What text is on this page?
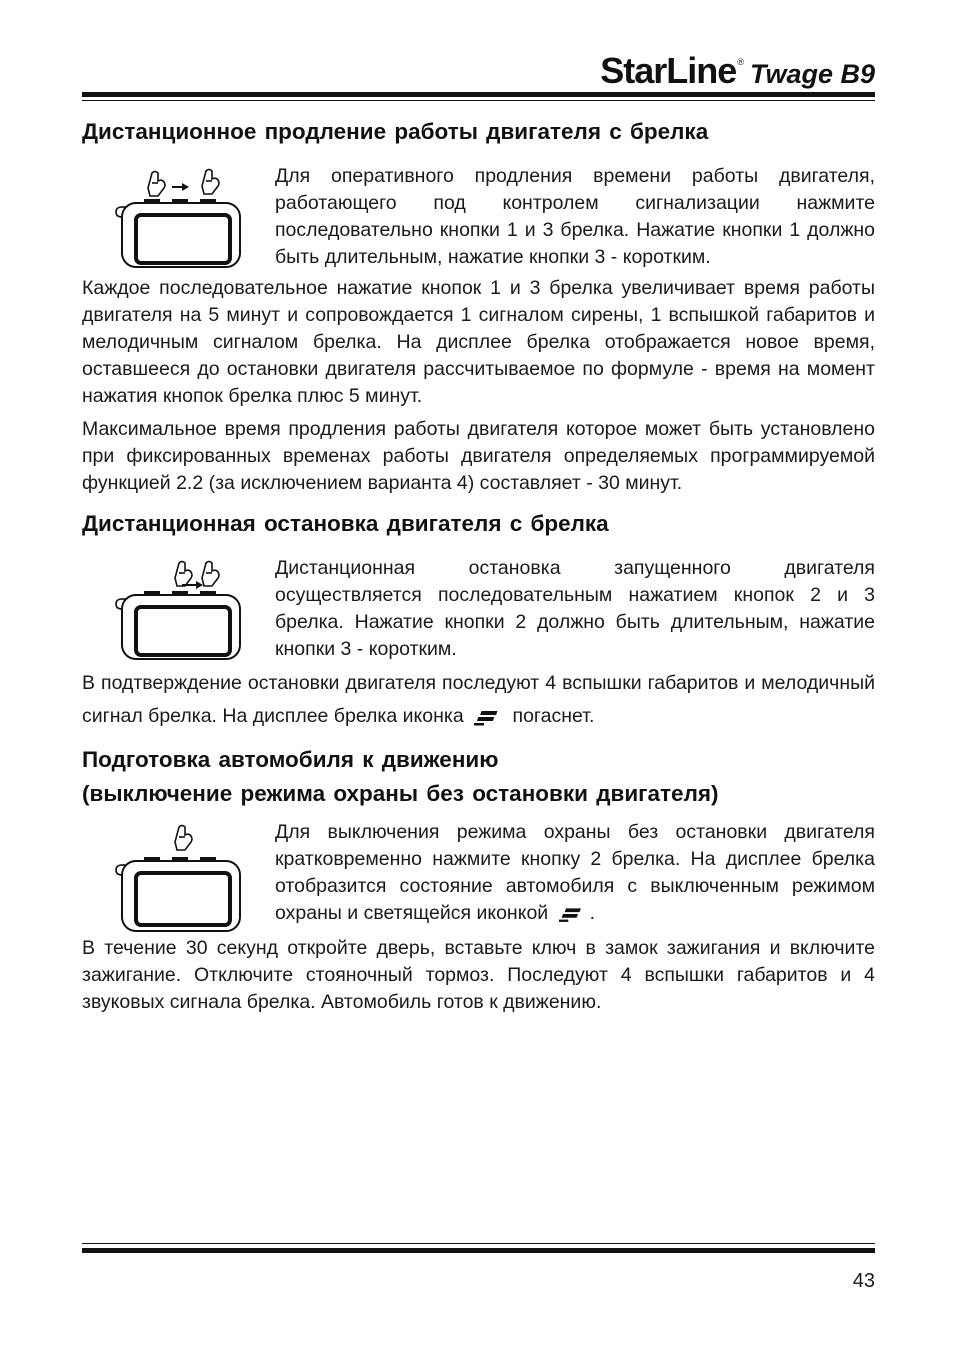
StarLine ® Twage B9
Дистанционное продление работы двигателя с брелка

Для оперативного продления времени работы двигателя, работающего под контролем сигнализации нажмите последовательно кнопки 1 и 3 брелка. Нажатие кнопки 1 должно быть длительным, нажатие кнопки 3 - коротким.

Каждое последовательное нажатие кнопок 1 и 3 брелка увеличивает время работы двигателя на 5 минут и сопровождается 1 сигналом сирены, 1 вспышкой габаритов и мелодичным сигналом брелка. На дисплее брелка отображается новое время, оставшееся до остановки двигателя рассчитываемое по формуле - время на момент нажатия кнопок брелка плюс 5 минут.

Максимальное время продления работы двигателя которое может быть установлено при фиксированных временах работы двигателя определяемых программируемой функцией 2.2 (за исключением варианта 4) составляет - 30 минут.

Дистанционная остановка двигателя с брелка

Дистанционная остановка запущенного двигателя осуществляется последовательным нажатием кнопок 2 и 3 брелка. Нажатие кнопки 2 должно быть длительным, нажатие кнопки 3 - коротким.

В подтверждение остановки двигателя последуют 4 вспышки габаритов и мелодичный сигнал брелка. На дисплее брелка иконка	погаснет.

Подготовка автомобиля к движению
(выключение режима охраны без остановки двигателя)

Для выключения режима охраны без остановки двигателя кратковременно нажмите кнопку 2 брелка. На дисплее брелка отобразится состояние автомобиля с выключенным режимом охраны и светящейся иконкой .

В течение 30 секунд откройте дверь, вставьте ключ в замок зажигания и включите зажигание. Отключите стояночный тормоз. Последуют 4 вспышки габаритов и 4 звуковых сигнала брелка. Автомобиль готов к движению.

43
